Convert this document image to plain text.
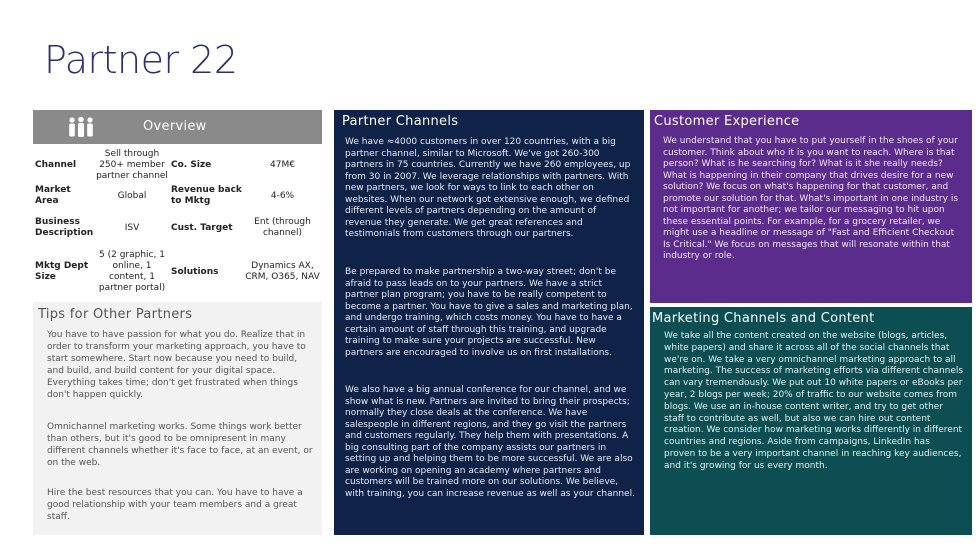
Partner 22
Overview
Channel
Sell through 250+ member partner channel
Co. Size	47M€
Market Area
Global
Revenue back to Mktg
4-6%
Business Description
ISV	Cust. Target
Ent (through channel)
Mktg Dept Size
5 (2 graphic, 1 online, 1 content, 1 partner portal)
Solutions
Dynamics AX, CRM, O365, NAV
Tips for Other Partners

You have to have passion for what you do. Realize that in order to transform your marketing approach, you have to start somewhere. Start now because you need to build, and build, and build content for your digital space. Everything takes time; don't get frustrated when things don't happen quickly.

Omnichannel marketing works. Some things work better than others, but it's good to be omnipresent in many different channels whether it's face to face, at an event, or on the web.

Hire the best resources that you can. You have to have a good relationship with your team members and a great staff.

Partner Channels

We have ≈4000 customers in over 120 countries, with a big partner channel, similar to Microsoft. We've got 260-300 partners in 75 countries. Currently we have 260 employees, up from 30 in 2007. We leverage relationships with partners. With new partners, we look for ways to link to each other on websites. When our network got extensive enough, we defined different levels of partners depending on the amount of revenue they generate. We get great references and testimonials from customers through our partners.

Be prepared to make partnership a two-way street; don't be afraid to pass leads on to your partners. We have a strict partner plan program; you have to be really competent to become a partner. You have to give a sales and marketing plan, and undergo training, which costs money. You have to have a certain amount of staff through this training, and upgrade training to make sure your projects are successful. New partners are encouraged to involve us on first installations.

We also have a big annual conference for our channel, and we show what is new. Partners are invited to bring their prospects; normally they close deals at the conference. We have salespeople in different regions, and they go visit the partners and customers regularly. They help them with presentations. A big consulting part of the company assists our partners in setting up and helping them to be more successful. We are also are working on opening an academy where partners and customers will be trained more on our solutions. We believe, with training, you can increase revenue as well as your channel.

Customer Experience

We understand that you have to put yourself in the shoes of your customer. Think about who it is you want to reach. Where is that person? What is he searching for? What is it she really needs? What is happening in their company that drives desire for a new solution? We focus on what's happening for that customer, and promote our solution for that. What's important in one industry is not important for another; we tailor our messaging to hit upon these essential points. For example, for a grocery retailer, we might use a headline or message of "Fast and Efficient Checkout Is Critical." We focus on messages that will resonate within that industry or role.

Marketing Channels and Content

We take all the content created on the website (blogs, articles, white papers) and share it across all of the social channels that we're on. We take a very omnichannel marketing approach to all marketing. The success of marketing efforts via different channels can vary tremendously. We put out 10 white papers or eBooks per year, 2 blogs per week; 20% of traffic to our website comes from blogs. We use an in-house content writer, and try to get other staff to contribute as well, but also we can hire out content creation. We consider how marketing works differently in different countries and regions. Aside from campaigns, LinkedIn has proven to be a very important channel in reaching key audiences, and it's growing for us every month.
